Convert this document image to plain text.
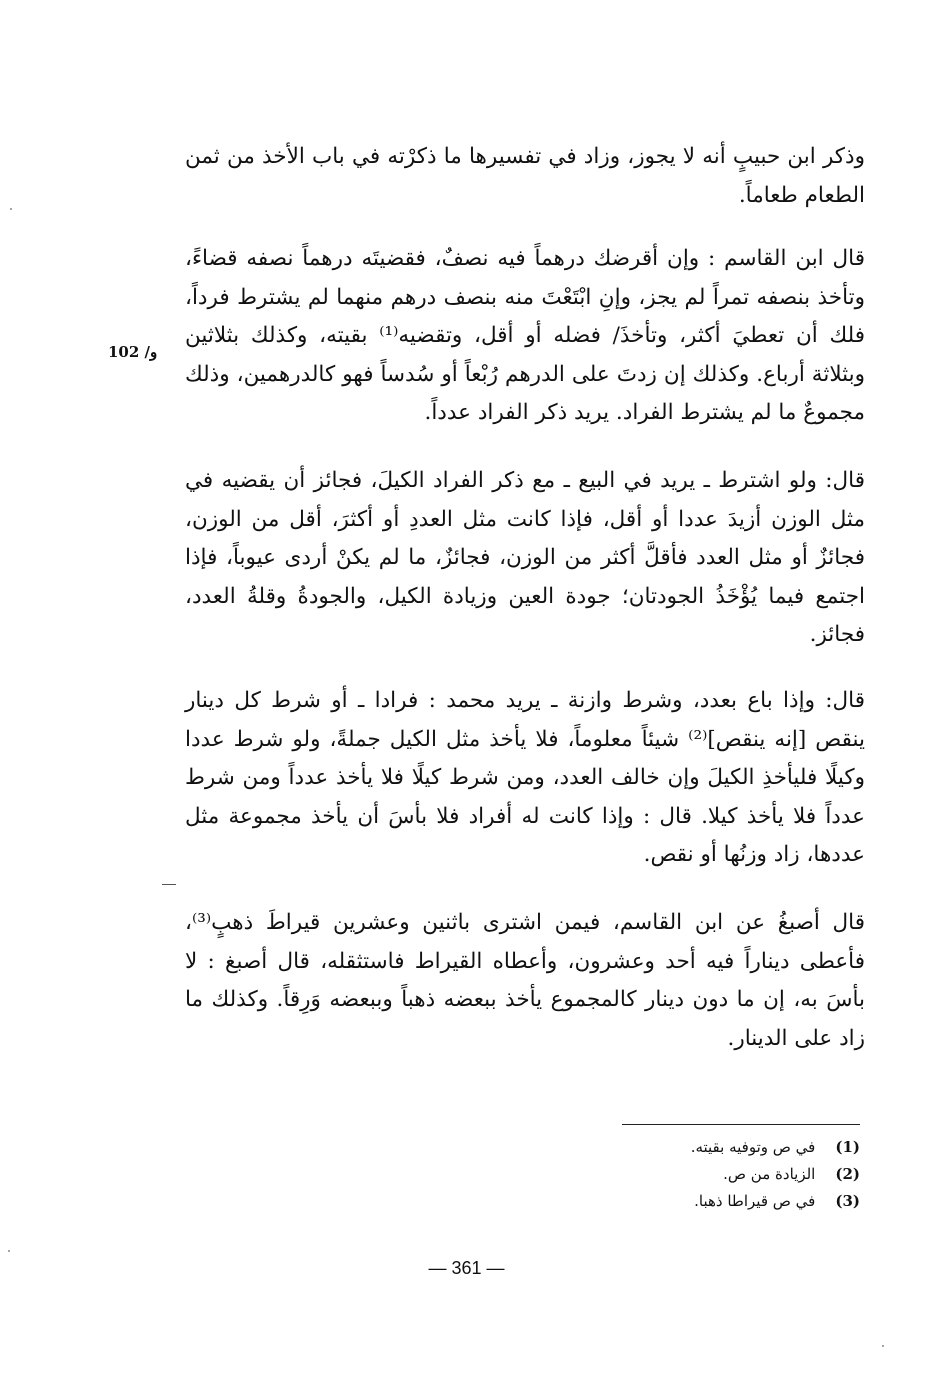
وذكر ابن حبيبٍ أنه لا يجوز، وزاد في تفسيرها ما ذكرْته في باب الأخذ من ثمن الطعام طعاماً.

قال ابن القاسم : وإن أقرضك درهماً فيه نصفٌ، فقضيتَه درهماً نصفه قضاءً، وتأخذ بنصفه تمراً لم يجز، وإنِ ابْتَعْتَ منه بنصف درهم منهما لم يشترط فرداً، فلك أن تعطيَ أكثر، وتأخذَ/ فضله أو أقل، وتقضيه⁽¹⁾ بقيته، وكذلك بثلاثين وبثلاثة أرباع. وكذلك إن زدتَ على الدرهم رُبْعاً أو سُدساً فهو كالدرهمين، وذلك مجموعٌ ما لم يشترط الفراد. يريد ذكر الفراد عدداً.

قال: ولو اشترط ـ يريد في البيع ـ مع ذكر الفراد الكيلَ، فجائز أن يقضيه في مثل الوزن أزيدَ عددا أو أقل، فإذا كانت مثل العددِ أو أكثرَ، أقل من الوزن، فجائزٌ أو مثل العدد فأقلَّ أكثر من الوزن، فجائزٌ، ما لم يكنْ أردى عيوباً، فإذا اجتمع فيما يُؤْخَذُ الجودتان؛ جودة العين وزيادة الكيل، والجودةُ وقلةُ العدد، فجائز.

قال: وإذا باع بعدد، وشرط وازنة ـ يريد محمد : فرادا ـ أو شرط كل دينار ينقص [إنه ينقص]⁽²⁾ شيئاً معلوماً، فلا يأخذ مثل الكيل جملةً، ولو شرط عددا وكيلًا فليأخذِ الكيلَ وإن خالف العدد، ومن شرط كيلًا فلا يأخذ عدداً ومن شرط عدداً فلا يأخذ كيلا. قال : وإذا كانت له أفراد فلا بأسَ أن يأخذ مجموعة مثل عددها، زاد وزنُها أو نقص.

قال أصبغُ عن ابن القاسم، فيمن اشترى باثنين وعشرين قيراطَ ذهبٍ⁽³⁾، فأعطى ديناراً فيه أحد وعشرون، وأعطاه القيراط فاستثقله، قال أصبغ : لا بأسَ به، إن ما دون دينار كالمجموع يأخذ ببعضه ذهباً وببعضه وَرِقاً. وكذلك ما زاد على الدينار.

102 /و
(1)
في ص وتوفيه بقيته.
(2)
الزيادة من ص.
(3)
في ص قيراطا ذهبا.
— 361 —
